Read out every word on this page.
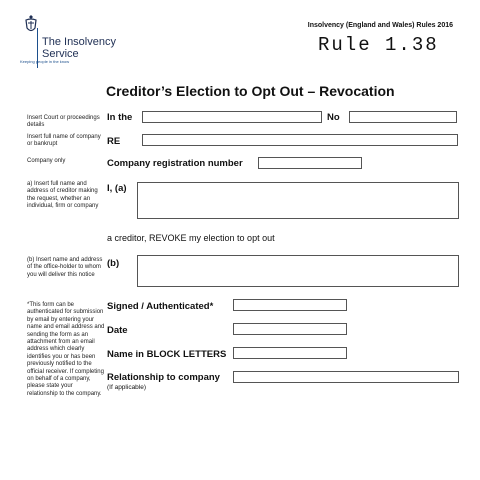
The Insolvency Service
Keeping people in the know
Insolvency (England and Wales) Rules 2016
Rule 1.38
Creditor’s Election to Opt Out – Revocation
Insert Court or proceedings details
Insert full name of company or bankrupt
Company only
a) Insert full name and address of creditor making the request, whether an individual, firm or company
(b) Insert name and address of the office-holder to whom you will deliver this notice
*This form can be authenticated for submission by email by entering your name and email address and sending the form as an attachment from an email address which clearly identifies you or has been previously notified to the official receiver. If completing on behalf of a company, please state your relationship to the company.
In the	No
RE
Company registration number
I, (a)
a creditor, REVOKE my election to opt out
(b)
Signed / Authenticated*
Date
Name in BLOCK LETTERS
Relationship to company
(If applicable)
